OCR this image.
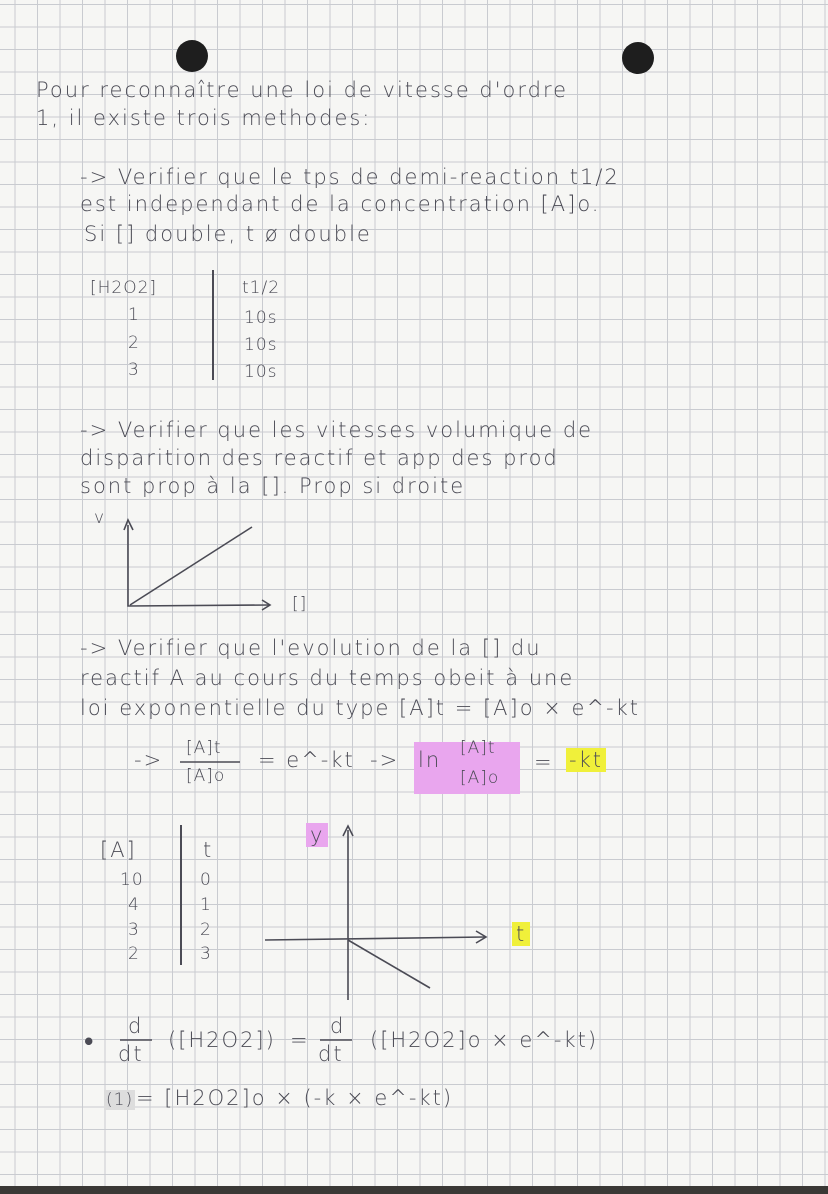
Pour reconnaître une loi de vitesse d'ordre
1, il existe trois methodes:
-> Verifier que le tps de demi-reaction t1/2
est independant de la concentration [A]o.
Si [] double, t ø double
[H2O2]	t1/2
1	10s
2	10s
3	10s
-> Verifier que les vitesses volumique de
disparition des reactif et app des prod
sont prop à la []. Prop si droite
v
[]
-> Verifier que l'evolution de la [] du
reactif A au cours du temps obeit à une
loi exponentielle du type [A]t = [A]o × e^-kt
-> [A]t
[A]o
= e^-kt -> ln [A]t
[A]o
= -kt
[A]	t
10	0
4	1
3	2
2	3
y
t
•
d
dt
([H2O2]) =
d
dt
([H2O2]o × e^-kt)
(1) = [H2O2]o × (-k × e^-kt)
